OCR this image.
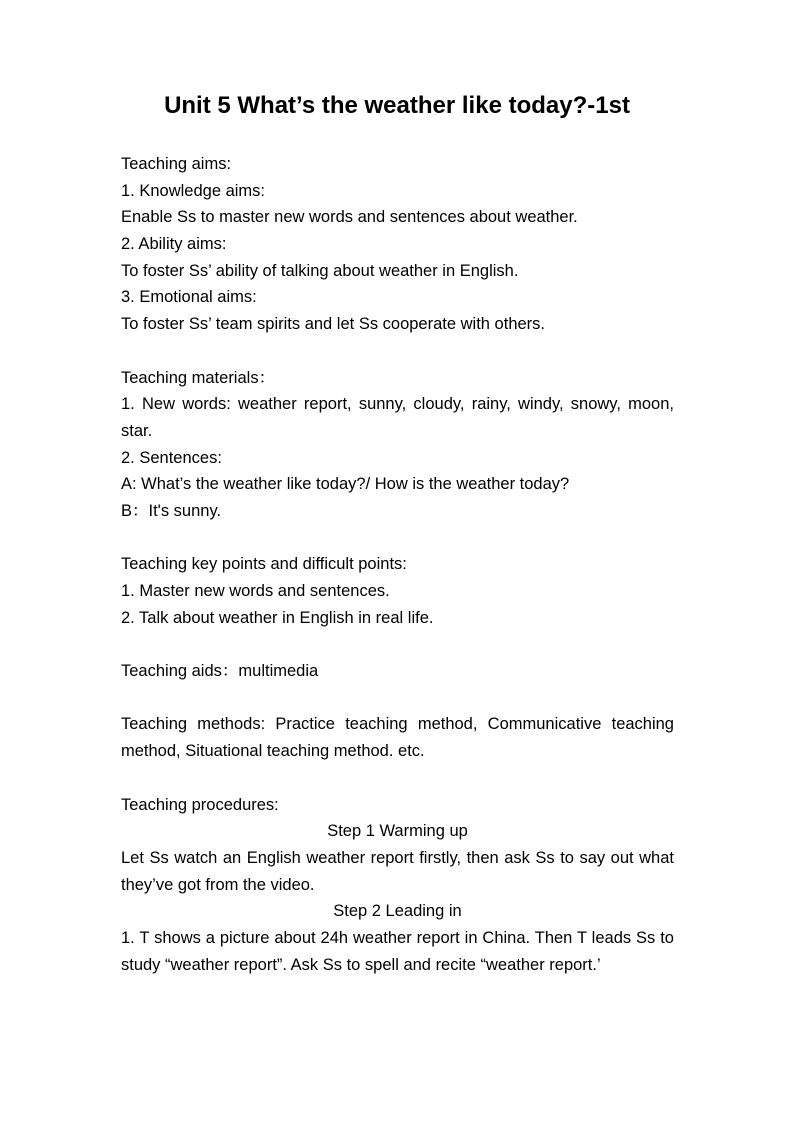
Unit 5 What’s the weather like today?-1st
Teaching aims:
1. Knowledge aims:
Enable Ss to master new words and sentences about weather.
2. Ability aims:
To foster Ss’ ability of talking about weather in English.
3. Emotional aims:
To foster Ss’ team spirits and let Ss cooperate with others.
Teaching materials：
1. New words: weather report, sunny, cloudy, rainy, windy, snowy, moon, star.
2. Sentences:
A: What’s the weather like today?/ How is the weather today?
B：It's sunny.
Teaching key points and difficult points:
1. Master new words and sentences.
2. Talk about weather in English in real life.
Teaching aids：multimedia
Teaching methods: Practice teaching method, Communicative teaching method, Situational teaching method. etc.
Teaching procedures:
Step 1 Warming up
Let Ss watch an English weather report firstly, then ask Ss to say out what they’ve got from the video.
Step 2 Leading in
1. T shows a picture about 24h weather report in China. Then T leads Ss to study “weather report”. Ask Ss to spell and recite “weather report.’
